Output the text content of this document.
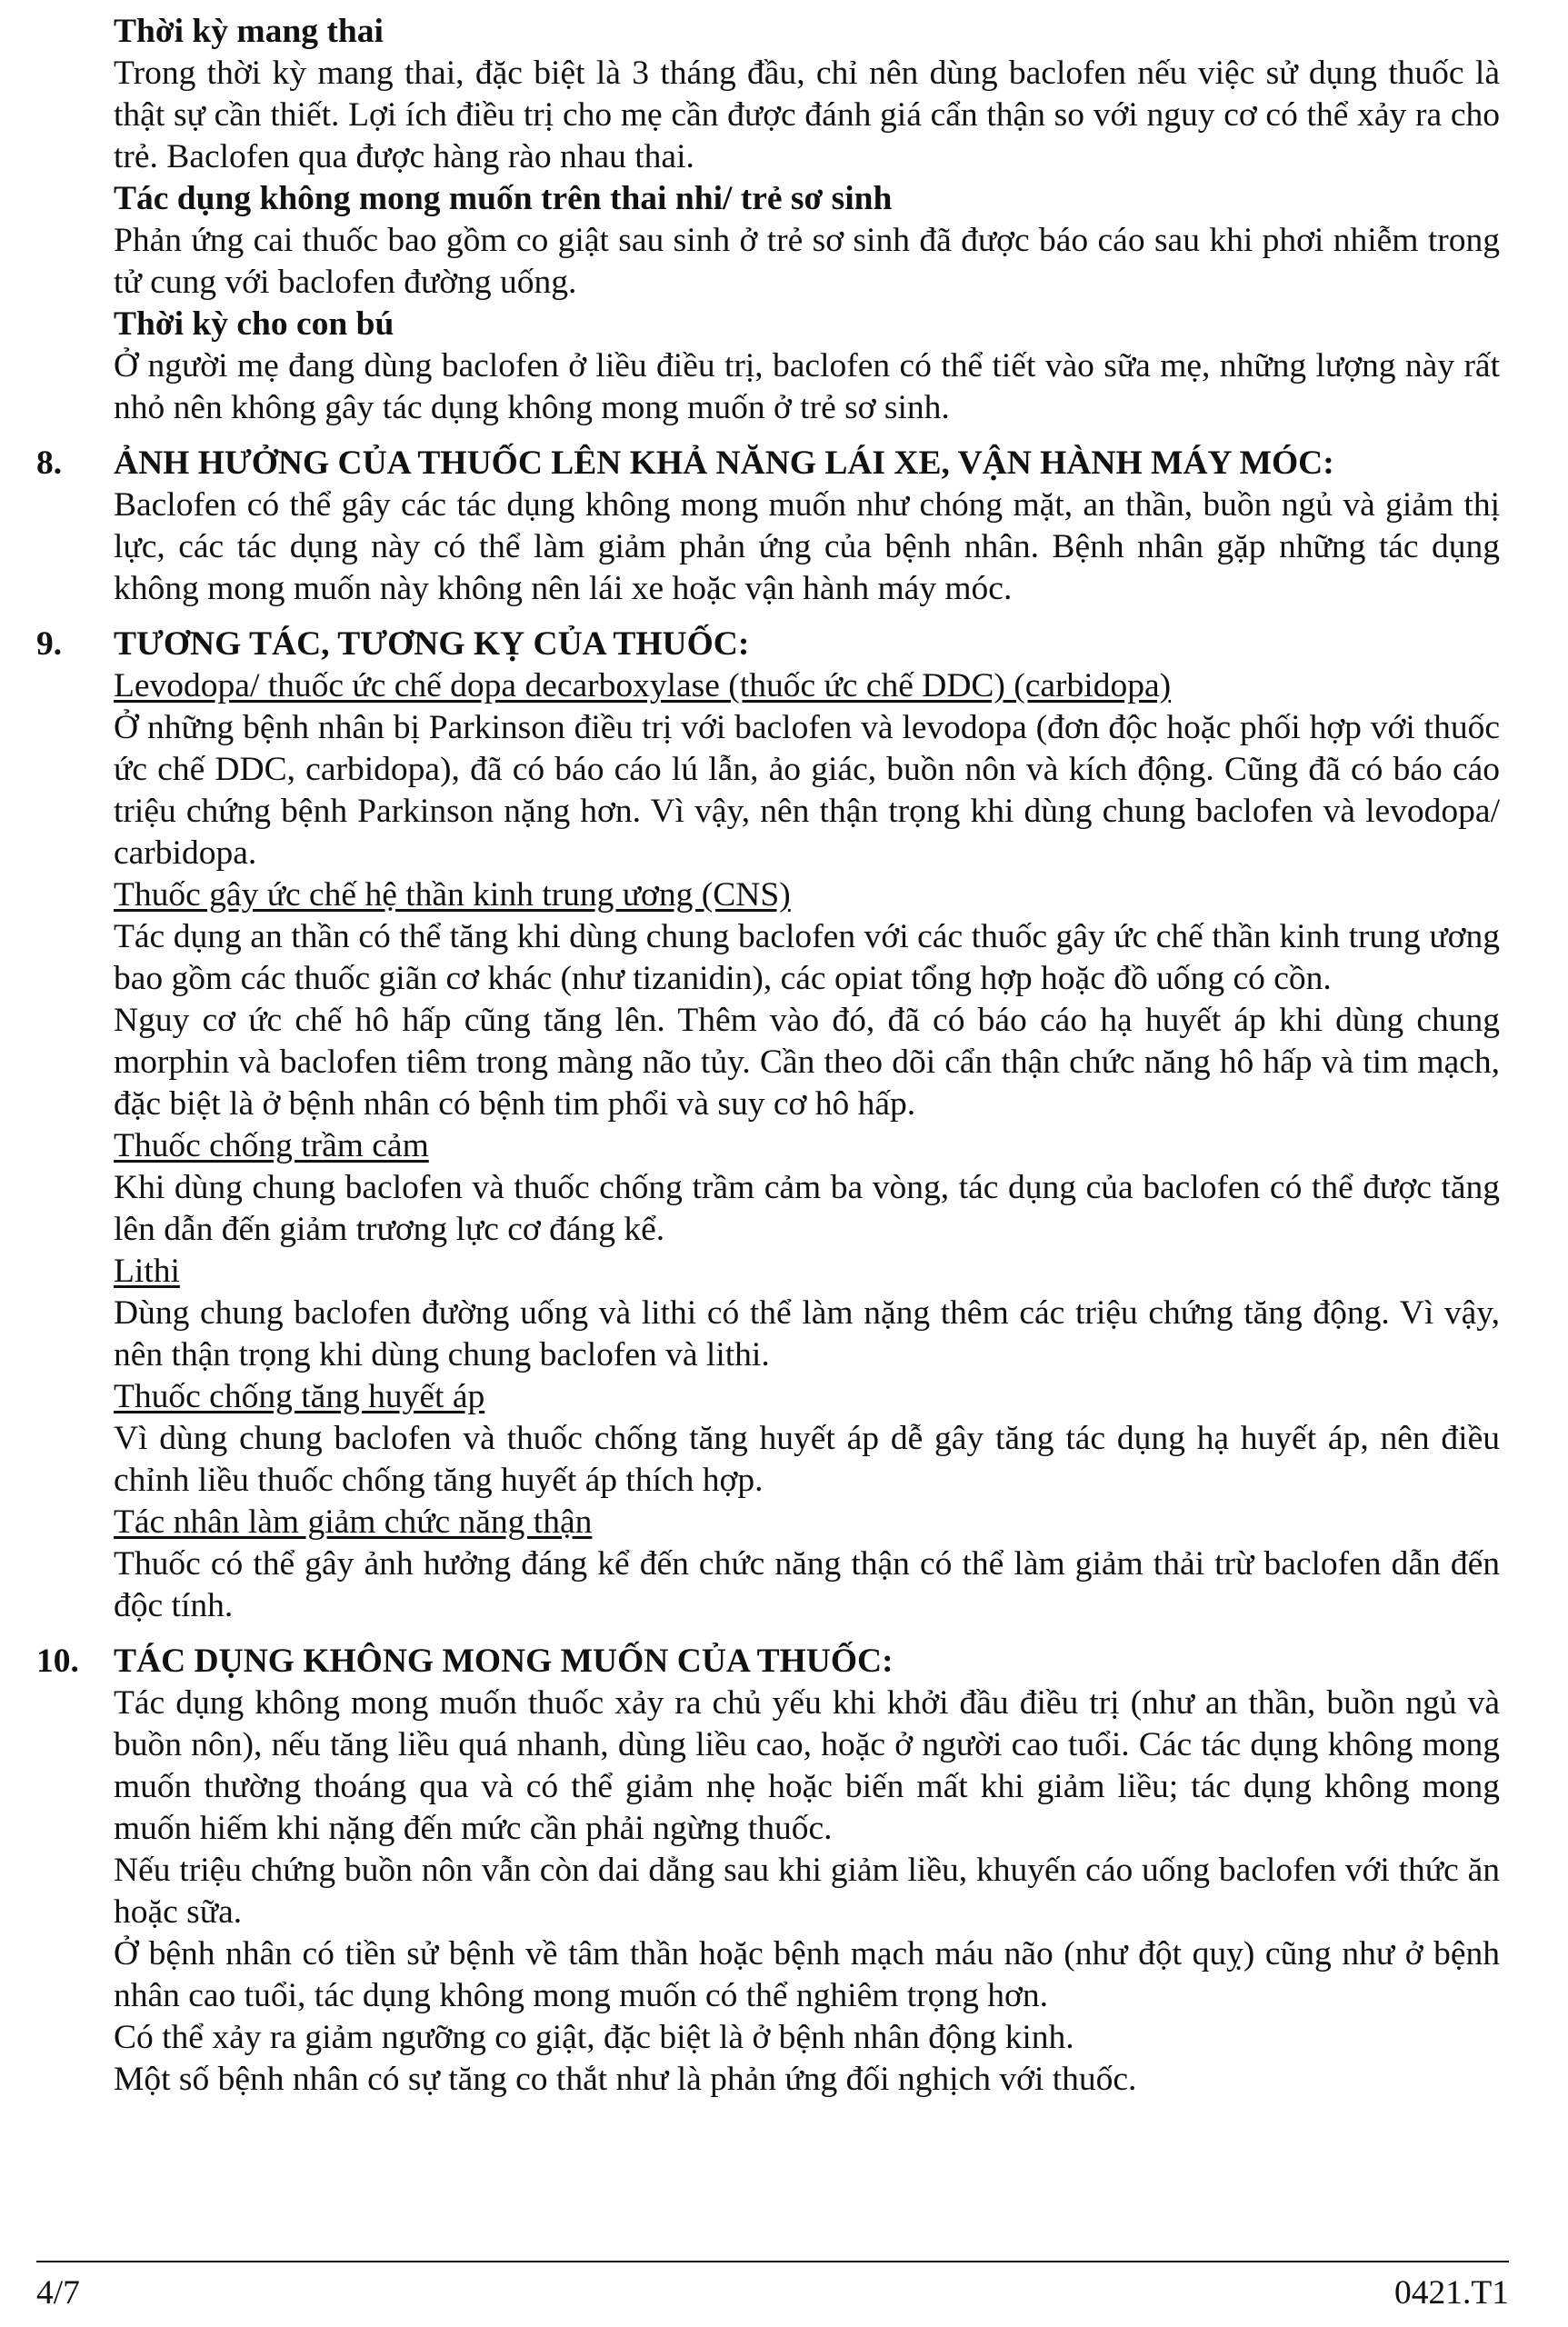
Thời kỳ mang thai

Trong thời kỳ mang thai, đặc biệt là 3 tháng đầu, chỉ nên dùng baclofen nếu việc sử dụng thuốc là thật sự cần thiết. Lợi ích điều trị cho mẹ cần được đánh giá cẩn thận so với nguy cơ có thể xảy ra cho trẻ. Baclofen qua được hàng rào nhau thai.

Tác dụng không mong muốn trên thai nhi/ trẻ sơ sinh

Phản ứng cai thuốc bao gồm co giật sau sinh ở trẻ sơ sinh đã được báo cáo sau khi phơi nhiễm trong tử cung với baclofen đường uống.

Thời kỳ cho con bú

Ở người mẹ đang dùng baclofen ở liều điều trị, baclofen có thể tiết vào sữa mẹ, những lượng này rất nhỏ nên không gây tác dụng không mong muốn ở trẻ sơ sinh.

8. ẢNH HƯỞNG CỦA THUỐC LÊN KHẢ NĂNG LÁI XE, VẬN HÀNH MÁY MÓC:

Baclofen có thể gây các tác dụng không mong muốn như chóng mặt, an thần, buồn ngủ và giảm thị lực, các tác dụng này có thể làm giảm phản ứng của bệnh nhân. Bệnh nhân gặp những tác dụng không mong muốn này không nên lái xe hoặc vận hành máy móc.

9. TƯƠNG TÁC, TƯƠNG KỴ CỦA THUỐC:

Levodopa/ thuốc ức chế dopa decarboxylase (thuốc ức chế DDC) (carbidopa)

Ở những bệnh nhân bị Parkinson điều trị với baclofen và levodopa (đơn độc hoặc phối hợp với thuốc ức chế DDC, carbidopa), đã có báo cáo lú lẫn, ảo giác, buồn nôn và kích động. Cũng đã có báo cáo triệu chứng bệnh Parkinson nặng hơn. Vì vậy, nên thận trọng khi dùng chung baclofen và levodopa/ carbidopa.

Thuốc gây ức chế hệ thần kinh trung ương (CNS)

Tác dụng an thần có thể tăng khi dùng chung baclofen với các thuốc gây ức chế thần kinh trung ương bao gồm các thuốc giãn cơ khác (như tizanidin), các opiat tổng hợp hoặc đồ uống có cồn.

Nguy cơ ức chế hô hấp cũng tăng lên. Thêm vào đó, đã có báo cáo hạ huyết áp khi dùng chung morphin và baclofen tiêm trong màng não tủy. Cần theo dõi cẩn thận chức năng hô hấp và tim mạch, đặc biệt là ở bệnh nhân có bệnh tim phổi và suy cơ hô hấp.

Thuốc chống trầm cảm

Khi dùng chung baclofen và thuốc chống trầm cảm ba vòng, tác dụng của baclofen có thể được tăng lên dẫn đến giảm trương lực cơ đáng kể.

Lithi

Dùng chung baclofen đường uống và lithi có thể làm nặng thêm các triệu chứng tăng động. Vì vậy, nên thận trọng khi dùng chung baclofen và lithi.

Thuốc chống tăng huyết áp

Vì dùng chung baclofen và thuốc chống tăng huyết áp dễ gây tăng tác dụng hạ huyết áp, nên điều chỉnh liều thuốc chống tăng huyết áp thích hợp.

Tác nhân làm giảm chức năng thận

Thuốc có thể gây ảnh hưởng đáng kể đến chức năng thận có thể làm giảm thải trừ baclofen dẫn đến độc tính.

10. TÁC DỤNG KHÔNG MONG MUỐN CỦA THUỐC:

Tác dụng không mong muốn thuốc xảy ra chủ yếu khi khởi đầu điều trị (như an thần, buồn ngủ và buồn nôn), nếu tăng liều quá nhanh, dùng liều cao, hoặc ở người cao tuổi. Các tác dụng không mong muốn thường thoáng qua và có thể giảm nhẹ hoặc biến mất khi giảm liều; tác dụng không mong muốn hiếm khi nặng đến mức cần phải ngừng thuốc.

Nếu triệu chứng buồn nôn vẫn còn dai dẳng sau khi giảm liều, khuyến cáo uống baclofen với thức ăn hoặc sữa.

Ở bệnh nhân có tiền sử bệnh về tâm thần hoặc bệnh mạch máu não (như đột quỵ) cũng như ở bệnh nhân cao tuổi, tác dụng không mong muốn có thể nghiêm trọng hơn.

Có thể xảy ra giảm ngưỡng co giật, đặc biệt là ở bệnh nhân động kinh.

Một số bệnh nhân có sự tăng co thắt như là phản ứng đối nghịch với thuốc.

4/7	0421.T1
